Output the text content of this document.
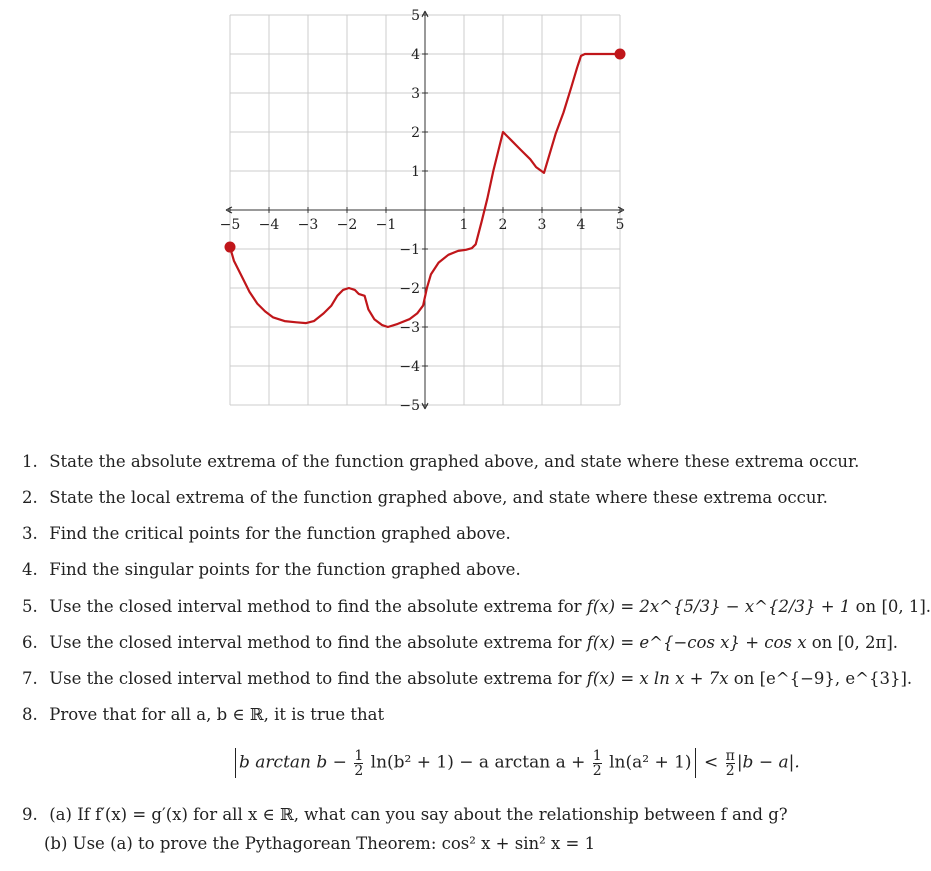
−5 −4 −3 −2 −1	1 2 3 4 5
5
4
3
2
1
−1
−2
−3
−4
−5
1. State the absolute extrema of the function graphed above, and state where these extrema occur.
2. State the local extrema of the function graphed above, and state where these extrema occur.
3. Find the critical points for the function graphed above.
4. Find the singular points for the function graphed above.
5. Use the closed interval method to find the absolute extrema for f(x) = 2x^{5/3} − x^{2/3} + 1 on [0, 1].
6. Use the closed interval method to find the absolute extrema for f(x) = e^{−cos x} + cos x on [0, 2π].
7. Use the closed interval method to find the absolute extrema for f(x) = x ln x + 7x on [e^{−9}, e^{3}].
8. Prove that for all a, b ∈ ℝ, it is true that
b $\arctan b - \frac{1}{2} \ln(b^2 + 1) - a$ $\arctan a + \frac{1}{2} \ln(a^2 + 1) < \frac{\pi}{2} |b - a|$.
9. (a) If f′(x) = g′(x) for all x ∈ ℝ, what can you say about the relationship between f and g?
(b) Use (a) to prove the Pythagorean Theorem: cos² x + sin² x = 1
